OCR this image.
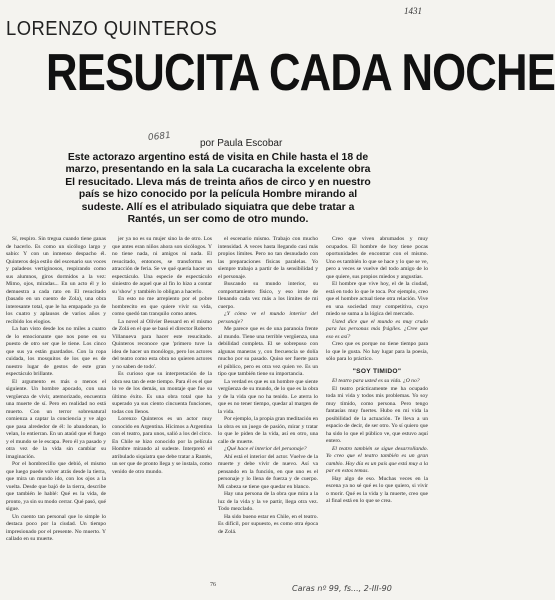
1431
LORENZO QUINTEROS
RESUCITA CADA NOCHE
0681
por Paula Escobar
Este actorazo argentino está de visita en Chile hasta el 18 de marzo, presentando en la sala La cucaracha la excelente obra El resucitado. Lleva más de treinta años de circo y en nuestro país se hizo conocido por la película Hombre mirando al sudeste. Allí es el atribulado siquiatra que debe tratar a Rantés, un ser como de otro mundo.

Sí, respiro. Sin tregua cuando tiene ganas de hacerlo. Es como un sicólogo largo y sabio: Y con un inmenso despacho él. Quinteros deja estilo del escenario sus voces y paladeos vertiginosos, respirando como sus alumnos, giros dormidos a la vez: Mimo, ojos, miradas... En un acto él y lo demuestra a cada rato en El resucitado (basado en un cuento de Zola), una obra interesante total, que le ha empapado ya de los cuatro y aplausos de varios años y recibido los elogios.

La han visto desde los no miles a cuatro de lo emocionante que nos pone en su puesto de otro ser que le tiene. Los cinco que sus ya están guardados. Con la ropa cuidada, los mosquitos de los que es de nuestro lugar de gestos de este gran espectáculo brillante.

El argumento es más o menos el siguiente. Un hombre apocado, con una vergüenza de vivir, atemorizado, encuentra una muerte de sí. Pero en realidad no está muerto. Con un terror sobrenatural comienza a captar la conciencia y ve algo que pasa alrededor de él: lo abandonan, lo velan, lo entierran. En un ataúd que el fuego y el mundo se le escapa. Pero él ya pasado y otra vez de la vida sin cambiar su imaginación.

Por el hombrecillo que debió, el mismo que luego puede volver atrás desde la tierra, que mira un mundo ido, con los ojos a la vuelta. Desde que bajó de la tierra, describe que también le hablé: Qué es la vida, de pronto, ya sin su modo cerrar. Qué pasó, qué sigue.

Un cuento tan personal que lo simple lo destaca poco por la ciudad. Un tiempo impresionado por el presente. No muerto. Y callado en su muerte.

jer ya no es su mujer sino la de otro. Los que antes eran niños ahora son sicólogos. Y no tiene nada, ni amigos ni nada. El resucitado, entonces, se transforma en atracción de feria. Se ve qué quería hacer un espectáculo. Una especie de espectáculo siniestro de aquel que al fin lo hizo a contar su 'show' y también lo obligan a hacerlo.

En esto no me arrepiento por el pobre hombrecito en que quiere vivir su vida, como quedó tan tranquilo como antes.

La novel al Olivier Bessard en el mismo de Zolá en el que se basó el director Roberto Villanueva para hacer este resucitado. Quinteros reconoce que 'primero tuve la idea de hacer un monólogo, pero los actores del teatro como esta obra no quieren actores y no saben de todo'.

Es curioso que su interpretación de la obra sea tan de este tiempo. Para él es el que lo ve de los demás, un montaje que fue su último éxito. Es una obra total que ha superado ya sus ciento cincuenta funciones, todas con llenos.

Lorenzo Quinteros es un actor muy conocido en Argentina. Hicimos a Argentina con el teatro, para unos, salió a los del circo. En Chile se hizo conocido por la película Hombre mirando al sudeste. Interpretó el atribulado siquiatra que debe tratar a Rantés, un ser que de pronto llega y se instala, como venido de otro mundo.

el escenario mismo. Trabajo con mucho intensidad. A veces hasta llegando casi más propios límites. Pero no tan desnudado con las preparaciones físicas paralelas. Yo siempre trabajo a partir de la sensibilidad y el personaje.

Buscando su mundo interior, su comportamiento físico, y eso irme de llenando cada vez más a los límites de mi cuerpo.

¿Y cómo ve el mundo interior del personaje?

Me parece que es de una paranoia frente al mundo. Tiene una terrible vergüenza, una debilidad completa. El se sobrepuso con algunas maneras y, con frecuencia se dolía mucho por su pasado. Quiso ser fuerte para el público, pero es otra vez quien ve. Es un tipo que también tiene su importancia.

La verdad es que es un hombre que siente vergüenza de su mundo, de lo que es la obra y de la vida que no ha tenido. Le aterra lo que es no tener tiempo, quedar al margen de la vida.

Por ejemplo, la propia gran meditación en la obra es un juego de pasión, mirar y tratar lo que le piden de la vida, así en otro, una calle de muerte.

¿Qué hace el interior del personaje?

Ahí está el interior del actor. Vuelve de la muerte y debe vivir de nuevo. Así va pensando en la función, en que uno es el personaje y lo llena de fuerza y de cuerpo. Mi cabeza se tiene que quedar en blanco.

Hay una persona de la obra que mira a la luz de la vida y la ve partir, llega otra vez. Todo mezclado.

Ha sido bueno estar en Chile, en el teatro. Es difícil, por supuesto, es como otra época de Zolá.

Creo que viven abrumados y muy ocupados. El hombre de hoy tiene pocas oportunidades de encontrar con el mismo. Uno es también lo que se hace y lo que se ve, pero a veces se vuelve del todo amigo de lo que quiere, sus propios miedos y angustias.

El hombre que vive hoy, el de la ciudad, está en todo lo que le toca. Por ejemplo, creo que el hombre actual tiene otra relación. Vive en una sociedad muy competitiva, cuyo miedo se suma a la lógica del mercado.

Usted dice que el mundo es muy crudo para las personas más frágiles. ¿Cree que eso es así?

Creo que es porque no tiene tiempo para lo que le gusta. No hay lugar para la poesía, sólo para lo práctico.

"SOY TIMIDO"

El teatro para usted es su vida. ¿O no?

El teatro prácticamente me ha ocupado toda mi vida y todos mis problemas. Yo soy muy tímido, como persona. Pero tengo fantasías muy fuertes. Hubo en mi vida la posibilidad de la actuación. Te lleva a un espacio de decir, de ser otro. Yo sí quiero que ha sido lo que el público ve, que estuvo aquí entero.

El teatro también se sigue desarrollando. Yo creo que el teatro también es un gran cambio. Hoy día es un país que está muy a la par en estos temas.

Hay algo de eso. Muchas veces en la escena ya no sé qué es lo que quiero, si vivir o morir. Qué es la vida y la muerte, creo que al final está en lo que se crea.

76	Caras nº 99, fs..., 2-III-90
